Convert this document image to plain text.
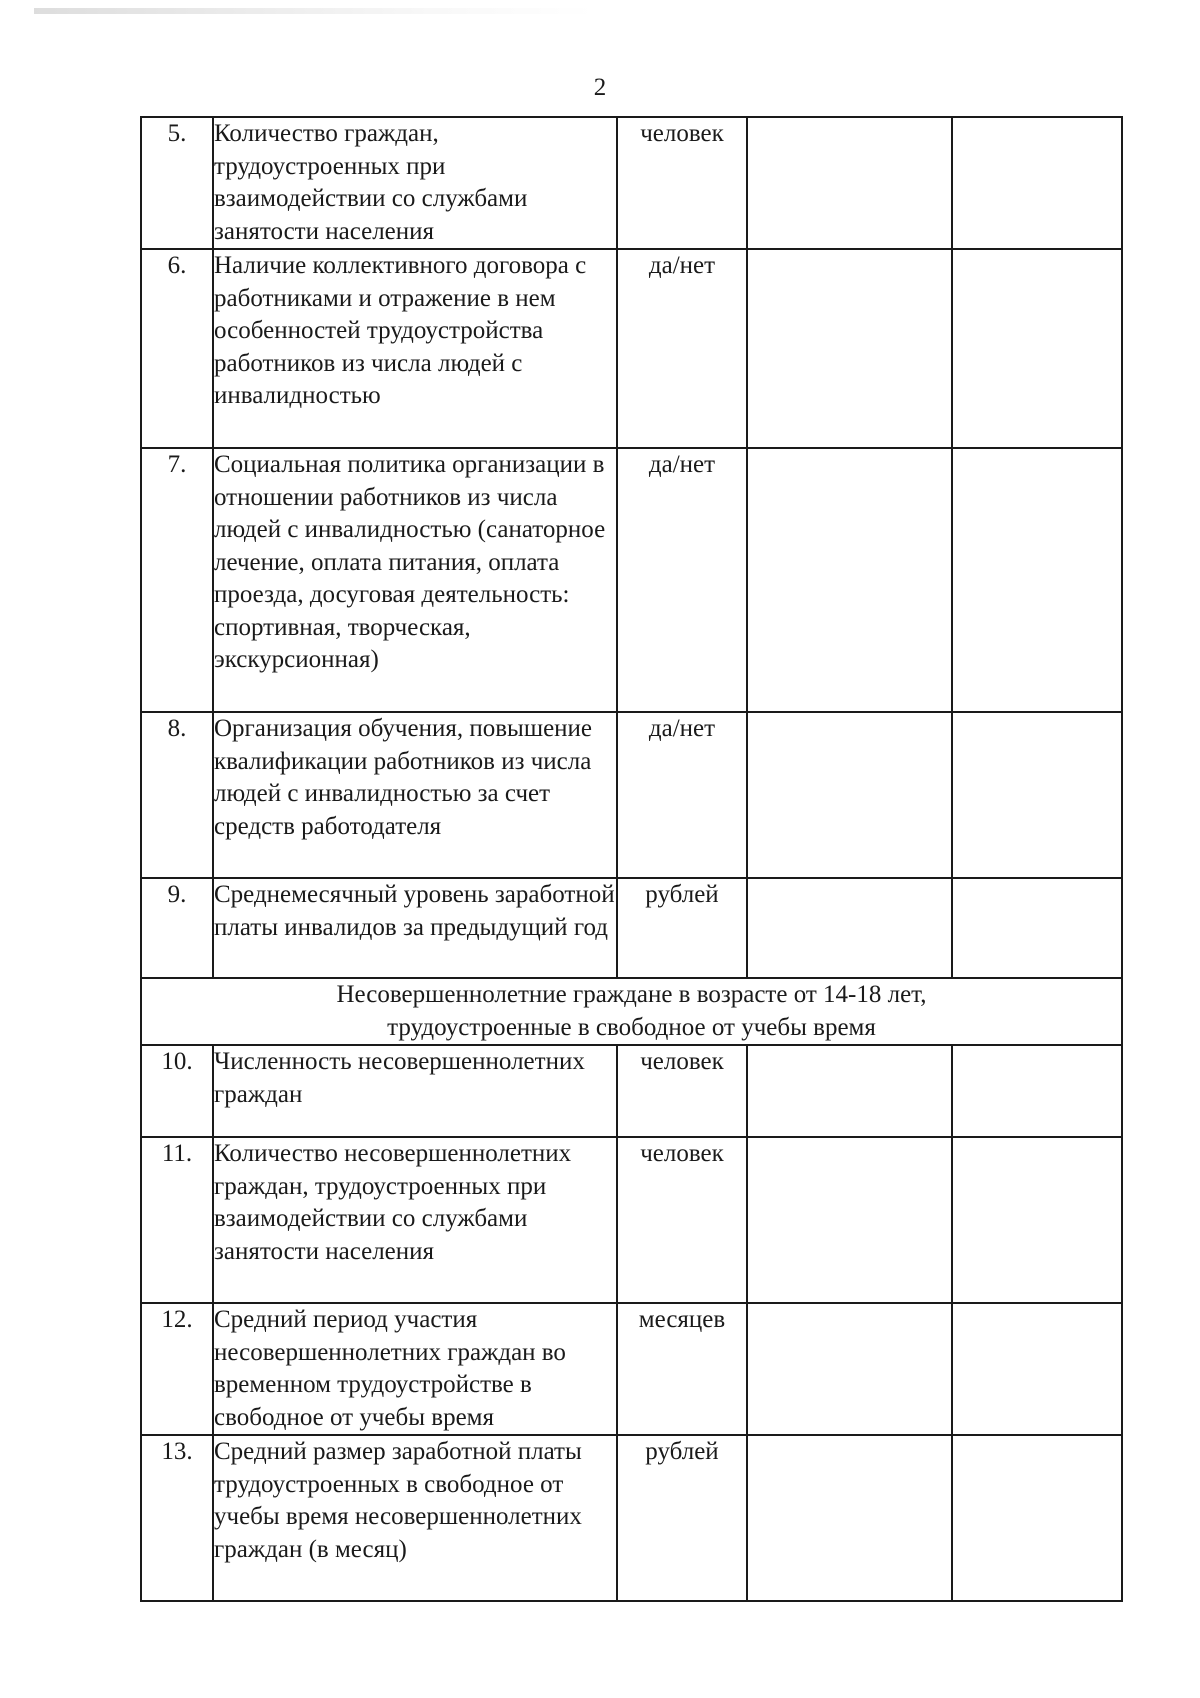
2
5.	Количество граждан, трудоустроенных при взаимодействии со службами занятости населения	человек		
6.	Наличие коллективного договора с работниками и отражение в нем особенностей трудоустройства работников из числа людей с инвалидностью	да/нет		
7.	Социальная политика организации в отношении работников из числа людей с инвалидностью (санаторное лечение, оплата питания, оплата проезда, досуговая деятельность: спортивная, творческая, экскурсионная)	да/нет		
8.	Организация обучения, повышение квалификации работников из числа людей с инвалидностью за счет средств работодателя	да/нет		
9.	Среднемесячный уровень заработной платы инвалидов за предыдущий год	рублей		

Несовершеннолетние граждане в возрасте от 14-18 лет,
трудоустроенные в свободное от учебы время				

10.	Численность несовершеннолетних граждан	человек		
11.	Количество несовершеннолетних граждан, трудоустроенных при взаимодействии со службами занятости населения	человек		
12.	Средний период участия несовершеннолетних граждан во временном трудоустройстве в свободное от учебы время	месяцев		
13.	Средний размер заработной платы трудоустроенных в свободное от учебы время несовершеннолетних граждан (в месяц)	рублей		
